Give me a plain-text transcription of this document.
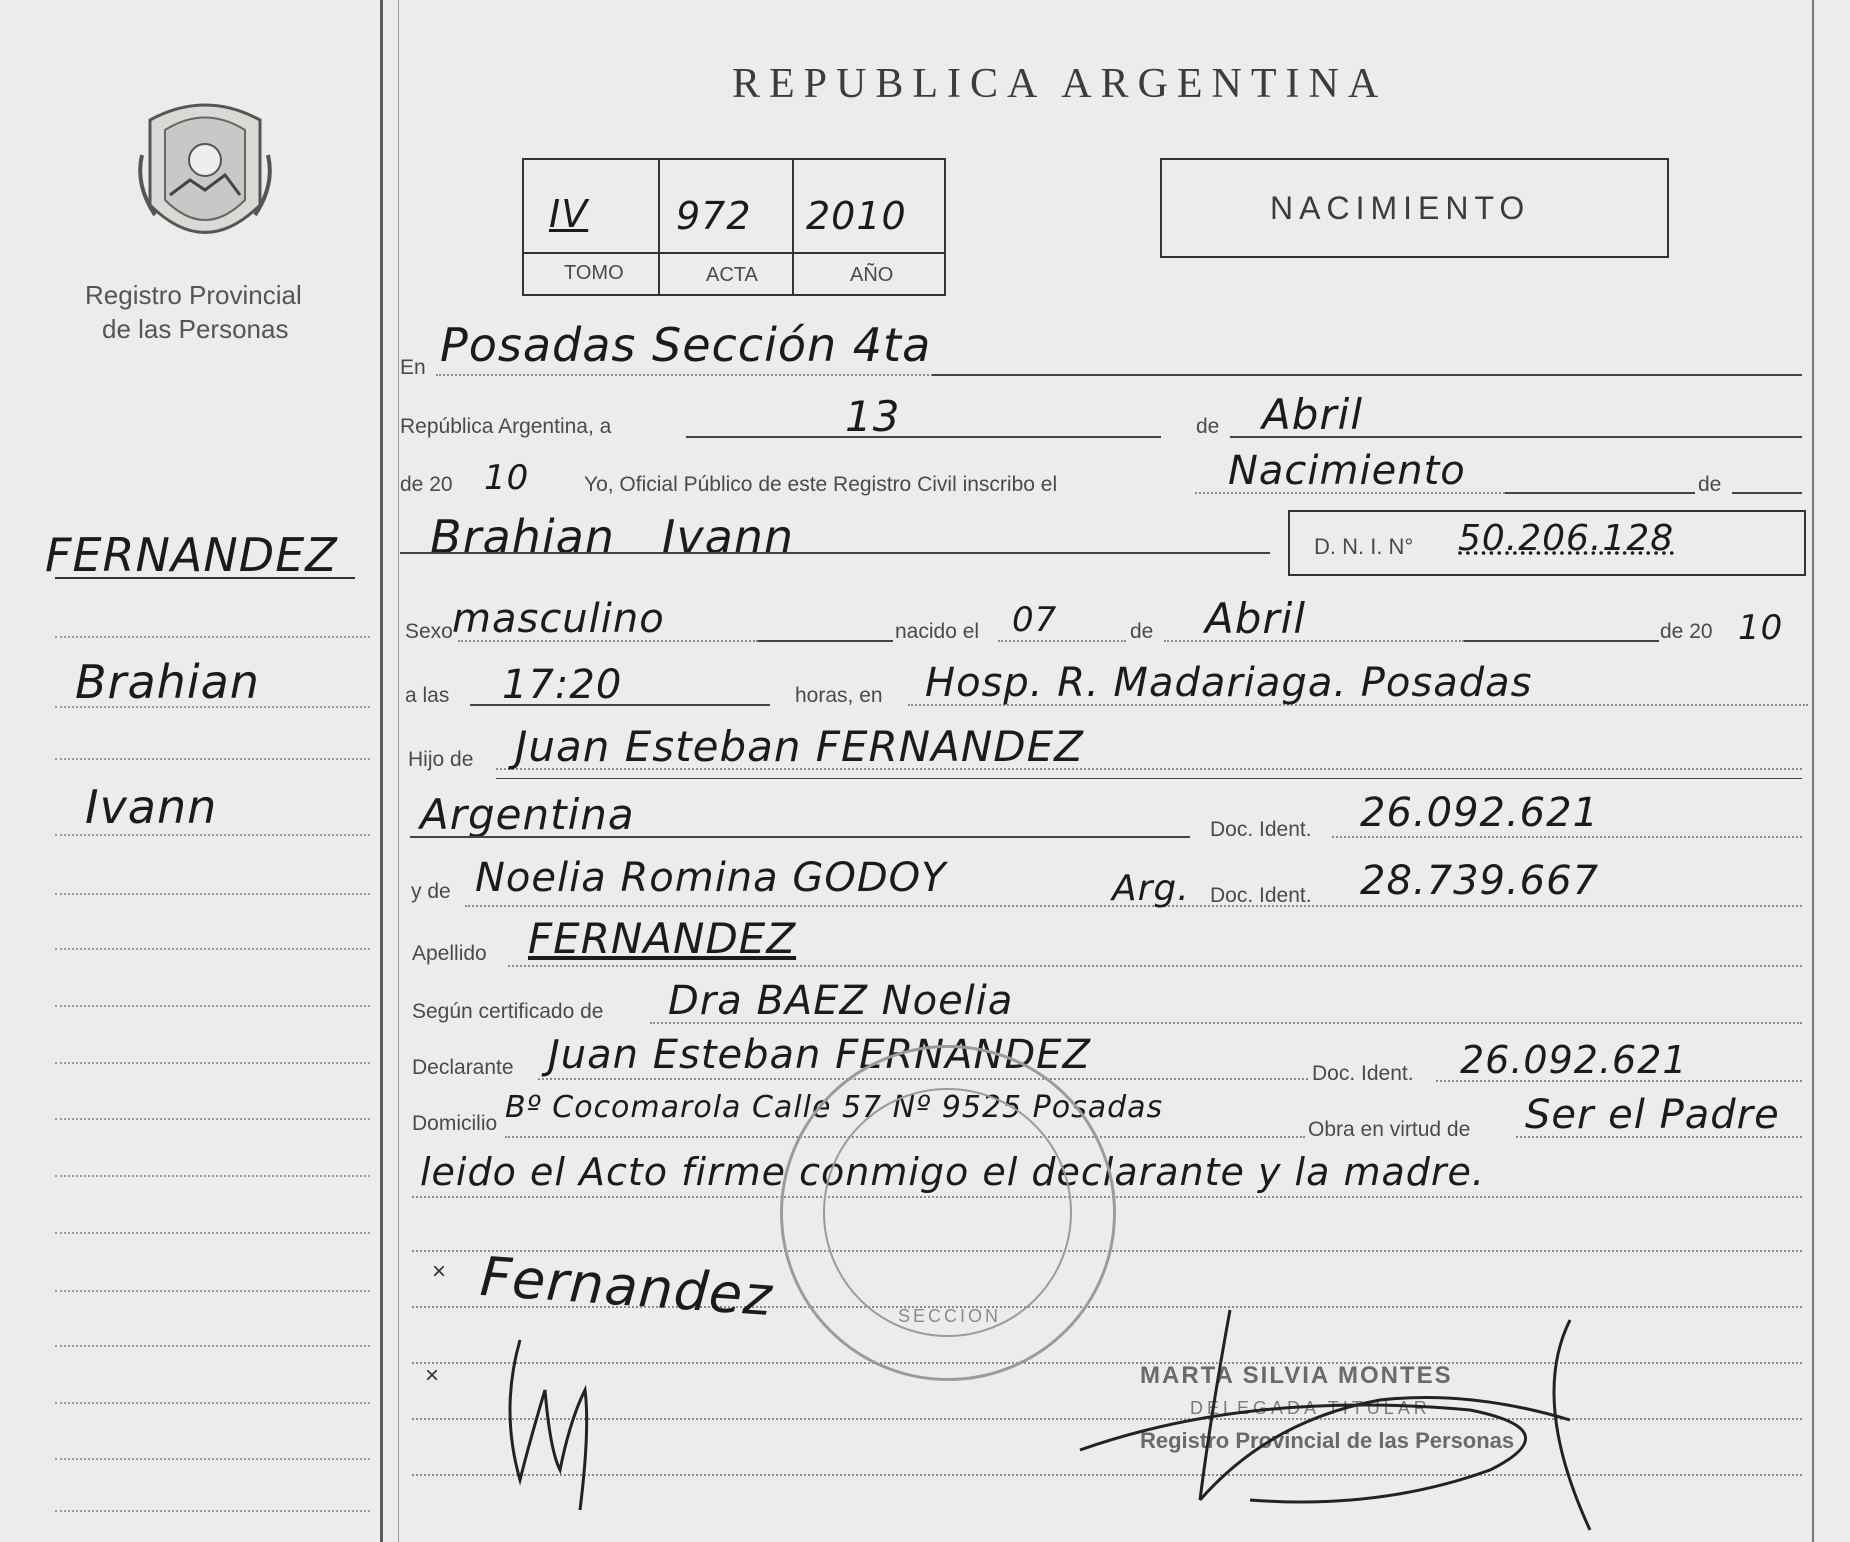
Registro Provincial
de las Personas
FERNANDEZ
Brahian
Ivann
REPUBLICA ARGENTINA
IV 972 2010
TOMO	ACTA	AÑO
NACIMIENTO
En Posadas Sección 4ta
República Argentina, a	13	de Abril
de 20 10	Yo, Oficial Público de este Registro Civil inscribo el	Nacimiento	de
Brahian   Ivann	D. N. I. N° 50.206.128
Sexo masculino	nacido el 07	de Abril	de 20 10
a las 17:20	horas, en Hosp. R. Madariaga. Posadas
Hijo de Juan Esteban FERNANDEZ
Argentina	Doc. Ident. 26.092.621
y de Noelia Romina GODOY	Arg. Doc. Ident. 28.739.667
Apellido FERNANDEZ
Según certificado de Dra BAEZ Noelia
Declarante Juan Esteban FERNANDEZ	Doc. Ident. 26.092.621
Domicilio Bº Cocomarola Calle 57 Nº 9525 Posadas
Obra en virtud de Ser el Padre
leido el Acto firme conmigo el declarante y la madre.
Fernandez
×
×
SECCION
MARTA SILVIA MONTES
DELEGADA TITULAR
Registro Provincial de las Personas
